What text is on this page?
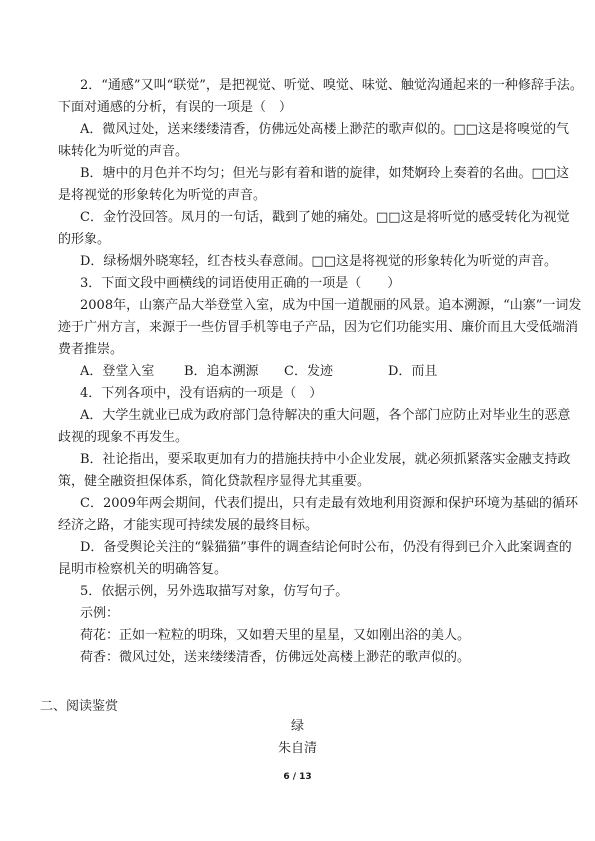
2．“通感”又叫“联觉”，是把视觉、听觉、嗅觉、味觉、触觉沟通起来的一种修辞手法。
下面对通感的分析，有误的一项是（　）
A．微风过处，送来缕缕清香，仿佛远处高楼上渺茫的歌声似的。□□这是将嗅觉的气
味转化为听觉的声音。
B．塘中的月色并不均匀；但光与影有着和谐的旋律，如梵婀玲上奏着的名曲。□□这
是将视觉的形象转化为听觉的声音。
C．金竹没回答。凤月的一句话，戳到了她的痛处。□□这是将听觉的感受转化为视觉
的形象。
D．绿杨烟外晓寒轻，红杏枝头春意闹。□□这是将视觉的形象转化为听觉的声音。
3．下面文段中画横线的词语使用正确的一项是（　　）
2008年，山寨产品大举登堂入室，成为中国一道靓丽的风景。追本溯源，“山寨”一词发
迹于广州方言，来源于一些仿冒手机等电子产品，因为它们功能实用、廉价而且大受低端消
费者推崇。
A．登堂入室	B．追本溯源	C．发迹	D．而且
4．下列各项中，没有语病的一项是（　）
A．大学生就业已成为政府部门急待解决的重大问题，各个部门应防止对毕业生的恶意
歧视的现象不再发生。
B．社论指出，要采取更加有力的措施扶持中小企业发展，就必须抓紧落实金融支持政
策，健全融资担保体系，简化贷款程序显得尤其重要。
C．2009年两会期间，代表们提出，只有走最有效地利用资源和保护环境为基础的循环
经济之路，才能实现可持续发展的最终目标。
D．备受舆论关注的“躲猫猫”事件的调查结论何时公布，仍没有得到已介入此案调查的
昆明市检察机关的明确答复。
5．依据示例，另外选取描写对象，仿写句子。
示例：
荷花：正如一粒粒的明珠，又如碧天里的星星，又如刚出浴的美人。
荷香：微风过处，送来缕缕清香，仿佛远处高楼上渺茫的歌声似的。
二、阅读鉴赏
绿
朱自清
6 / 13
